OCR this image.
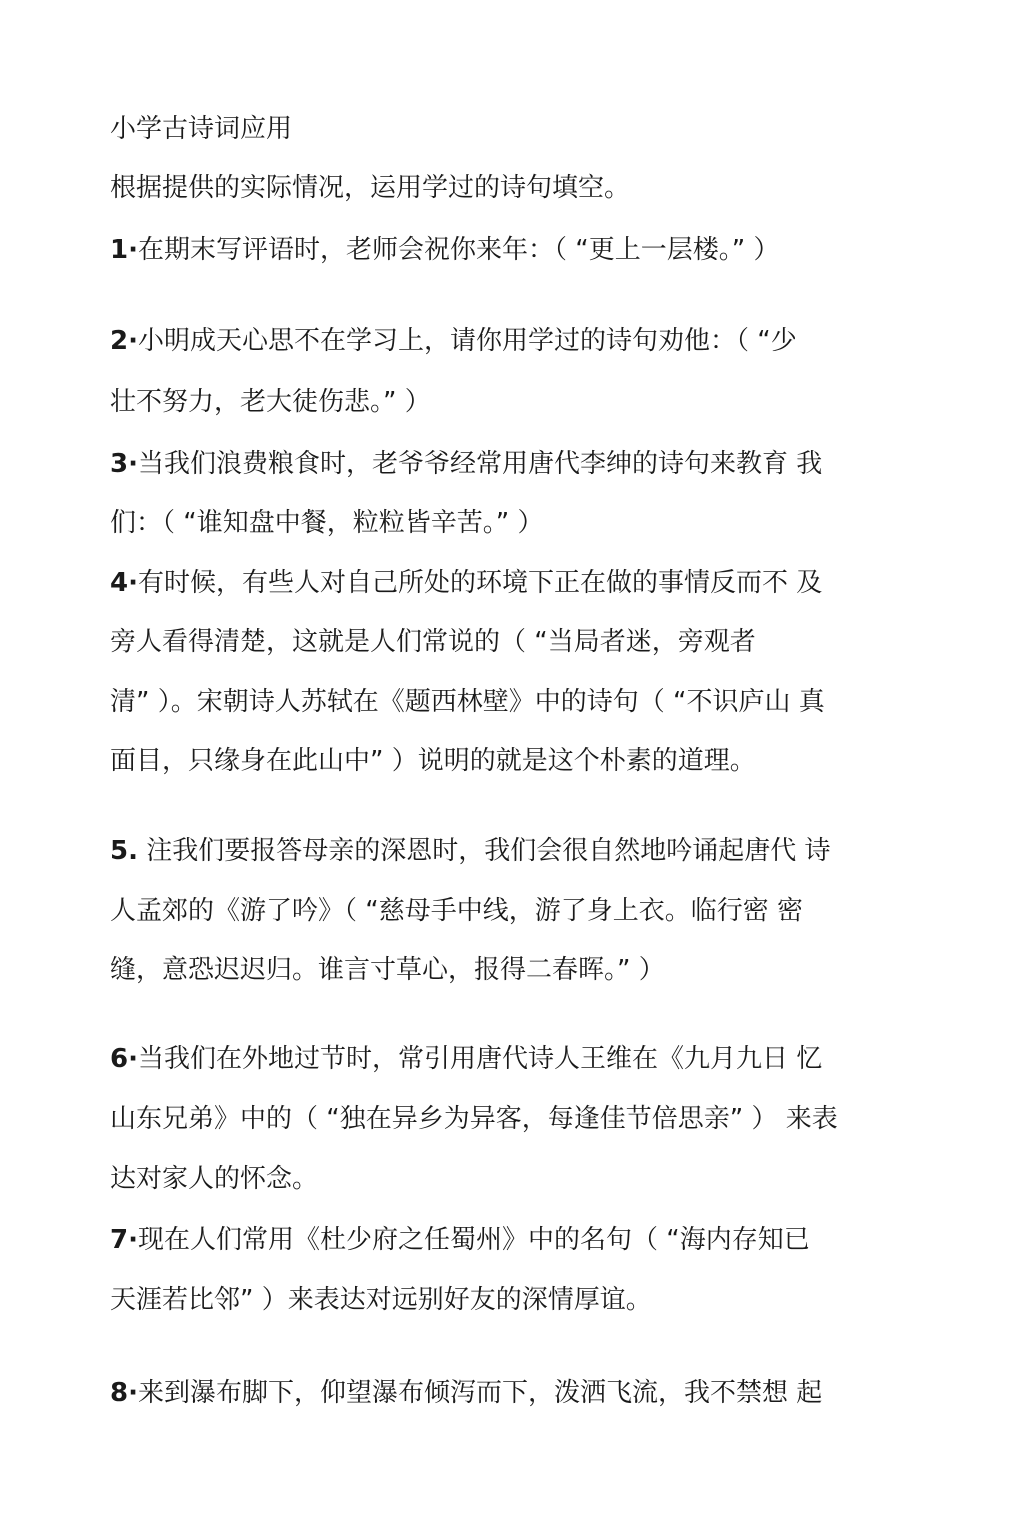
小学古诗词应用
根据提供的实际情况，运用学过的诗句填空。
1·在期末写评语时，老师会祝你来年：（ “更上一层楼。” ）
2·小明成天心思不在学习上，请你用学过的诗句劝他：（ “少
壮不努力，老大徒伤悲。” ）
3·当我们浪费粮食时，老爷爷经常用唐代李绅的诗句来教育 我
们：（ “谁知盘中餐，粒粒皆辛苦。” ）
4·有时候，有些人对自己所处的环境下正在做的事情反而不 及
旁人看得清楚，这就是人们常说的（ “当局者迷，旁观者
清” ）。宋朝诗人苏轼在《题西林壁》中的诗句（ “不识庐山 真
面目，只缘身在此山中” ）说明的就是这个朴素的道理。
5. 注我们要报答母亲的深恩时，我们会很自然地吟诵起唐代 诗
人孟郊的《游了吟》（ “慈母手中线，游了身上衣。临行密 密
缝，意恐迟迟归。谁言寸草心，报得二春晖。” ）
6·当我们在外地过节时，常引用唐代诗人王维在《九月九日 忆
山东兄弟》中的（ “独在异乡为异客，每逢佳节倍思亲” ） 来表
达对家人的怀念。
7·现在人们常用《杜少府之任蜀州》中的名句（ “海内存知已
天涯若比邻” ）来表达对远别好友的深情厚谊。
8·来到瀑布脚下，仰望瀑布倾泻而下，泼洒飞流，我不禁想 起
